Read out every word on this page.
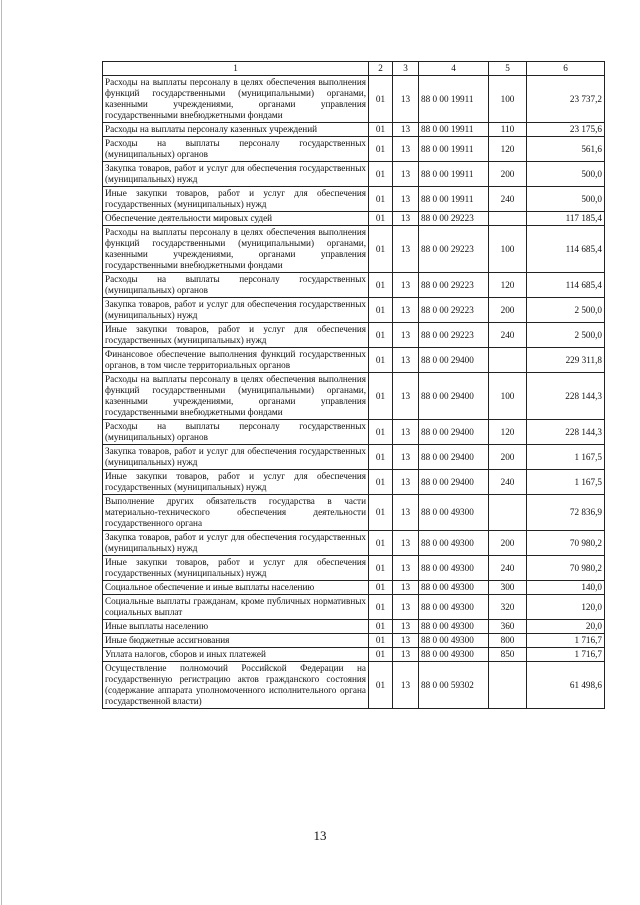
1	2	3	4	5	6
Расходы на выплаты персоналу в целях обеспечения выполнения функций государственными (муниципальными) органами, казенными учреждениями, органами управления государственными внебюджетными фондами	01	13	88 0 00 19911	100	23 737,2
Расходы на выплаты персоналу казенных учреждений	01	13	88 0 00 19911	110	23 175,6
Расходы на выплаты персоналу государственных (муниципальных) органов	01	13	88 0 00 19911	120	561,6
Закупка товаров, работ и услуг для обеспечения государственных (муниципальных) нужд	01	13	88 0 00 19911	200	500,0
Иные закупки товаров, работ и услуг для обеспечения государственных (муниципальных) нужд	01	13	88 0 00 19911	240	500,0
Обеспечение деятельности мировых судей	01	13	88 0 00 29223		117 185,4
Расходы на выплаты персоналу в целях обеспечения выполнения функций государственными (муниципальными) органами, казенными учреждениями, органами управления государственными внебюджетными фондами	01	13	88 0 00 29223	100	114 685,4
Расходы на выплаты персоналу государственных (муниципальных) органов	01	13	88 0 00 29223	120	114 685,4
Закупка товаров, работ и услуг для обеспечения государственных (муниципальных) нужд	01	13	88 0 00 29223	200	2 500,0
Иные закупки товаров, работ и услуг для обеспечения государственных (муниципальных) нужд	01	13	88 0 00 29223	240	2 500,0
Финансовое обеспечение выполнения функций государственных органов, в том числе территориальных органов	01	13	88 0 00 29400		229 311,8
Расходы на выплаты персоналу в целях обеспечения выполнения функций государственными (муниципальными) органами, казенными учреждениями, органами управления государственными внебюджетными фондами	01	13	88 0 00 29400	100	228 144,3
Расходы на выплаты персоналу государственных (муниципальных) органов	01	13	88 0 00 29400	120	228 144,3
Закупка товаров, работ и услуг для обеспечения государственных (муниципальных) нужд	01	13	88 0 00 29400	200	1 167,5
Иные закупки товаров, работ и услуг для обеспечения государственных (муниципальных) нужд	01	13	88 0 00 29400	240	1 167,5
Выполнение других обязательств государства в части материально-технического обеспечения деятельности государственного органа	01	13	88 0 00 49300		72 836,9
Закупка товаров, работ и услуг для обеспечения государственных (муниципальных) нужд	01	13	88 0 00 49300	200	70 980,2
Иные закупки товаров, работ и услуг для обеспечения государственных (муниципальных) нужд	01	13	88 0 00 49300	240	70 980,2
Социальное обеспечение и иные выплаты населению	01	13	88 0 00 49300	300	140,0
Социальные выплаты гражданам, кроме публичных нормативных социальных выплат	01	13	88 0 00 49300	320	120,0
Иные выплаты населению	01	13	88 0 00 49300	360	20,0
Иные бюджетные ассигнования	01	13	88 0 00 49300	800	1 716,7
Уплата налогов, сборов и иных платежей	01	13	88 0 00 49300	850	1 716,7
Осуществление полномочий Российской Федерации на государственную регистрацию актов гражданского состояния (содержание аппарата уполномоченного исполнительного органа государственной власти)	01	13	88 0 00 59302		61 498,6
13
